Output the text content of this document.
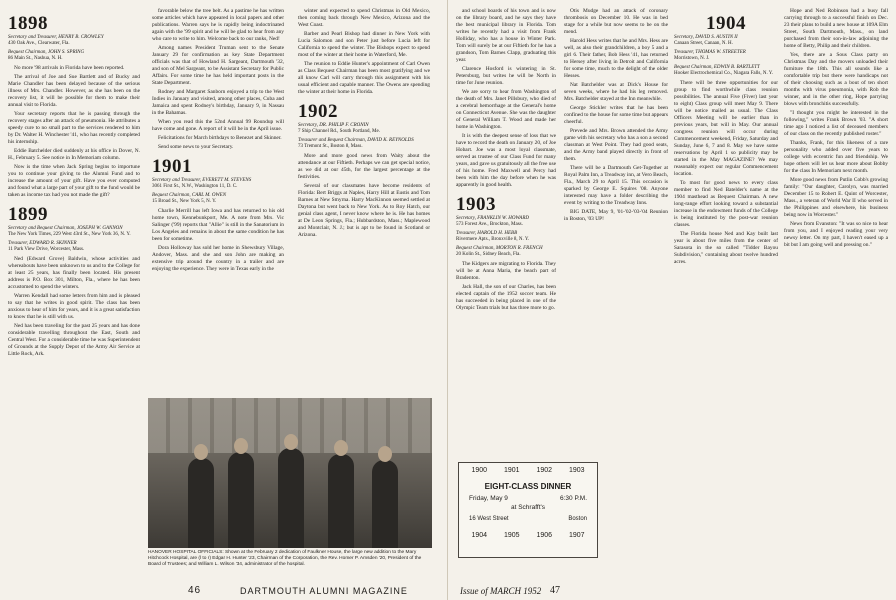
1898
Secretary and Treasurer, HENRY B. CROWLEY
430 Oak Ave., Clearwater, Fla.
Bequest Chairman, JOHN S. SPRING
86 Main St., Nashua, N. H.

No more '98 arrivals in Florida have been reported.

The arrival of Joe and Sue Bartlett and of Bucky and Marie Chandler has been delayed because of the serious illness of Mrs. Chandler. However, as she has been on the recovery list, it will be possible for them to make their annual visit to Florida.

Your secretary reports that he is passing through the recovery stages after an attack of pneumonia. He attributes a speedy cure to no small part to the services rendered to him by Dr. Walter H. Winchester '41, who has recently completed his internship.

Eddie Batchelder died suddenly at his office in Dover, N. H., February 5. See notice in In Memoriam column.

Now is the time when Jack Spring begins to importune you to continue your giving to the Alumni Fund and to increase the amount of your gift. Have you ever computed and found what a large part of your gift to the fund would be taken as income tax had you not made the gift?

1899
Secretary and Bequest Chairman, JOSEPH W. GANNON
The New York Times, 229 West 43rd St., New York 36, N. Y.
Treasurer, EDWARD R. SKINNER
11 Park View Drive, Worcester, Mass.

Ned (Edward Grove) Baldwin, whose activities and whereabouts have been unknown to us and to the College for at least 25 years, has finally been located. His present address is P.O. Box 301, Milton, Fla., where he has been accustomed to spend the winters.

Warren Kendall had some letters from him and is pleased to say that he writes in good spirit. The class has been anxious to hear of him for years, and it is a great satisfaction to know that he is still with us.

Ned has been traveling for the past 25 years and has done considerable travelling throughout the East, South and Central West. For a considerable time he was Superintendent of Grounds at the Supply Depot of the Army Air Service at Little Rock, Ark.

favorable below the tree belt. As a pastime he has written some articles which have appeared in local papers and other publications. Warren says he is rapidly being indoctrinated again with the '99 spirit and he will be glad to hear from any who care to write to him. Welcome back to our ranks, Ned!

Among names President Truman sent to the Senate January 29 for confirmation as key State Department officials was that of Howland H. Sargeant, Dartmouth '32, and son of Mel Sargeant, to be Assistant Secretary for Public Affairs. For some time he has held important posts in the State Department.

Rodney and Margaret Sanborn enjoyed a trip to the West Indies in January and visited, among other places, Cuba and Jamaica and spent Rodney's birthday, January 9, in Nassau in the Bahamas.

When you read this the 52nd Annual 99 Roundup will have come and gone. A report of it will be in the April issue.

Felicitations for March birthdays to Benezet and Skinner.

Send some news to your Secretary.

1901
Secretary and Treasurer, EVERETT M. STEVENS
3061 First St., N.W., Washington 11, D. C.
Bequest Chairman, CARL M. OWEN
15 Broad St., New York 5, N. Y.

Charlie Merrill has left Iowa and has returned to his old home town, Kennebunkport, Me. A note from Mrs. Vic Salinger ('99) reports that "Allie" is still in the Sanatorium in Los Angeles and remains in about the same condition he has been for sometime.

Dora Holloway has sold her home in Shewsbury Village, Andover, Mass. and she and son John are making an extensive trip around the country in a trailer and are enjoying the experience. They were in Texas early in the

winter and expected to spend Christmas in Old Mexico, then coming back through New Mexico, Arizona and the West Coast.

Barber and Pearl Bishop had dinner in New York with Lucia Salomon and son Peter just before Lucia left for California to spend the winter. The Bishops expect to spend most of the winter at their home in Waterford, Me.

The reunion to Eddie Hunter's appointment of Carl Owen as Class Bequest Chairman has been most gratifying and we all know Carl will carry through this assignment with his usual efficient and capable manner. The Owens are spending the winter at their home in Florida.

1902
Secretary, DR. PHILIP F. CRONIN
7 Ship Channel Rd., South Portland, Me.
Treasurer and Bequest Chairman, DAVID K. REYNOLDS
73 Tremont St., Boston 8, Mass.

More and more good news from Waity about the attendance at our Fiftieth. Perhaps we can get special notice, as we did at our 45th, for the largest percentage at the festivities.

Several of our classmates have become residents of Florida: Bert Briggs at Naples, Harry Hill at Eustis and Tom Barnes at New Smyrna. Harry MacKinnon seemed settled at Daytona but went back to New York. As to Roy Hatch, our genial class agent, I never know where he is. He has homes at De Leon Springs, Fla.; Hubbardston, Mass.; Maplewood and Montclair, N. J.; but is apt to be found in Scotland or Arizona.

HANOVER HOSPITAL OFFICIALS: Shown at the February 2 dedication of Faulkner House, the large new addition to the Mary Hitchcock Hospital, are (l to r) Edgar H. Hunter '23, Chairman of the Corporation, the Rev. Homer P. Amsden '20, President of the Board of Trustees; and William L. Wilson '34, administrator of the hospital.
46	DARTMOUTH ALUMNI MAGAZINE

and school boards of his town and is now on the library board, and he says they have the best municipal library in Florida. Tom writes he recently had a visit from Frank Holliday, who has a house in Winter Park. Tom will surely be at our Fiftieth for he has a grandson, Tom Barnes Clapp, graduating this year.

Clarence Hosford is wintering in St. Petersburg, but writes he will be North in time for June reunion.

We are sorry to hear from Washington of the death of Mrs. Janet Pillsbury, who died of a cerebral hemorrhage at the General's home on Connecticut Avenue. She was the daughter of General William T. Wood and made her home in Washington.

It is with the deepest sense of loss that we have to record the death on January 20, of Joe Hobart. Joe was a most loyal classmate, served as trustee of our Class Fund for many years, and gave us gratuitously all the free use of his home. Fred Maxwell and Percy had been with him the day before when he was apparently in good health.

1903
Secretary, FRANKLIN W. HOWARD
573 Forest Ave., Brockton, Mass.
Treasurer, HAROLD H. HEBB
Rivermere Apts., Bronxville 8, N. Y.
Bequest Chairman, MORTON R. FRENCH
20 Kolin St., Sidney Beach, Fla.

The Kidgers are migrating to Florida. They will be at Anna Maria, the beach part of Bradenton.

Jack Hall, the son of our Charles, has been elected captain of the 1952 soccer team. He has succeeded in being placed in one of the Olympic Team trials but has three more to go.

Otis Mudge had an attack of coronary thrombosis on December 10. He was in bed stage for a while but now seems to be on the mend.

Harold Hess writes that he and Mrs. Hess are well, as also their grandchildren, a boy 5 and a girl 6. Their father, Bob Hess '41, has returned to Hersey after living in Detroit and California for some time, much to the delight of the older Hesses.

Nat Batchelder was at Dick's House for seven weeks, where he had his leg removed. Mrs. Batchelder stayed at the Inn meanwhile.

George Stickler writes that he has been confined to the house for some time but appears cheerful.

Prevede and Mrs. Brown attended the Army game with his secretary who has a son a second classman at West Point. They had good seats, and the Army band played directly in front of them.

There will be a Dartmouth Get-Together at Royal Palm Inn, a Treadway inn, at Vero Beach, Fla., March 29 to April 15. This occasion is sparked by George E. Squires '08. Anyone interested may have a folder describing the event by writing to the Treadway Inns.

BIG DATE, May 9, '01-'02-'03-'04 Reunion in Boston, '03 UP!

1900 1901 1902 1903
EIGHT-CLASS DINNER
Friday, May 9	6:30 P.M.
at Schrafft's
16 West Street	Boston
1904 1905 1906 1907
1904
Secretary, DAVID S. AUSTIN II
Canaan Street, Canaan, N. H.
Treasurer, THOMAS W. STREETER
Morristown, N. J.
Bequest Chairman, EDWIN B. BARTLETT
Hooker Electrochemical Co., Niagara Falls, N. Y.

There will be three opportunities for our group to find worthwhile class reunion possibilities. The annual Five (Fiver) last year to eight) Class group will meet May 9. There will be notice mailed as usual. The Class Officers Meeting will be earlier than in previous years, but will in May. Our annual congress reunion will occur during Commencement weekend, Friday, Saturday and Sunday, June 6, 7 and 8. May we have some reservations by April 1 so publicity may be started in the May MAGAZINE? We may reasonably expect our regular Commencement location.

To most for good news to every class member to find Ned Batelder's name at the 1904 masthead as Bequest Chairman. A new long-range effort looking toward a substantial increase in the endowment funds of the College is being instituted by the post-war reunion classes.

The Florida house Ned and Kay built last year is about five miles from the center of Sarasota in the so called "Tidder Bayou Subdivision," containing about twelve hundred acres.

Hope and Ned Robinson had a busy fall carrying through to a successful finish on Dec. 23 their plans to build a new house at 109A Elm Street, South Dartmouth, Mass., on land purchased from their son-in-law adjoining the home of Betty, Philip and their children.

Yes, there are a Sous Class party on Christmas Day and the movers unloaded their furniture the 18th. This all sounds like a comfortable trip but there were handicaps not of their choosing such as a bout of ten short months with virus pneumonia, with Rob the winner, and in the other ring, Hope parrying blows with bronchitis successfully.

"I thought you might be interested in the following," writes Frank Brown '03. "A short time ago I noticed a list of deceased members of our class on the recently published roster."

Thanks, Frank, for this likeness of a rare personality who added over five years to college with eccentric fun and friendship. We hope others will let us hear more about Bobby for the class In Memoriam next month.

More good news from Putlin Cobb's growing family: "Our daughter, Carolyn, was married December 15 to Robert E. Quint of Worcester, Mass., a veteran of World War II who served in the Philippines and elsewhere, his business being now in Worcester."

News from Evanston: "It was so nice to hear from you, and I enjoyed reading your very newsy letter. On my part, I haven't eased up a bit but I am going well and pressing on."

Issue of MARCH 1952 47
